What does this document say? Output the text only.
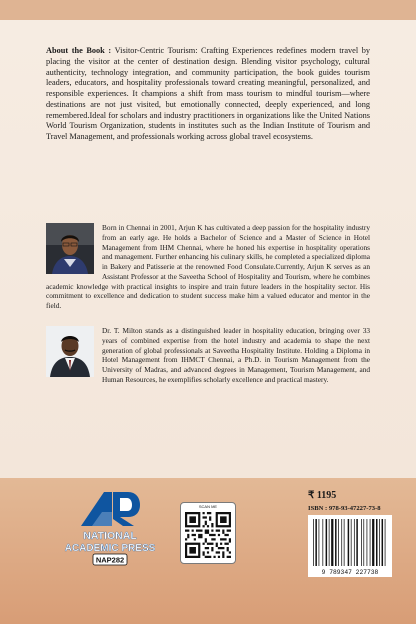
About the Book : Visitor-Centric Tourism: Crafting Experiences redefines modern travel by placing the visitor at the center of destination design. Blending visitor psychology, cultural authenticity, technology integration, and community participation, the book guides tourism leaders, educators, and hospitality professionals toward creating meaningful, personalized, and responsible experiences. It champions a shift from mass tourism to mindful tourism—where destinations are not just visited, but emotionally connected, deeply experienced, and long remembered.Ideal for scholars and industry practitioners in organizations like the United Nations World Tourism Organization, students in institutes such as the Indian Institute of Tourism and Travel Management, and professionals working across global travel ecosystems.
Born in Chennai in 2001, Arjun K has cultivated a deep passion for the hospitality industry from an early age. He holds a Bachelor of Science and a Master of Science in Hotel Management from IHM Chennai, where he honed his expertise in hospitality operations and management. Further enhancing his culinary skills, he completed a specialized diploma in Bakery and Patisserie at the renowned Food Consulate.Currently, Arjun K serves as an Assistant Professor at the Saveetha School of Hospitality and Tourism, where he combines academic knowledge with practical insights to inspire and train future leaders in the hospitality sector. His commitment to excellence and dedication to student success make him a valued educator and mentor in the field.
Dr. T. Milton stands as a distinguished leader in hospitality education, bringing over 33 years of combined expertise from the hotel industry and academia to shape the next generation of global professionals at Saveetha Hospitality Institute. Holding a Diploma in Hotel Management from IHMCT Chennai, a Ph.D. in Tourism Management from the University of Madras, and advanced degrees in Management, Tourism Management, and Human Resources, he exemplifies scholarly excellence and practical mastery.
NATIONAL
ACADEMIC PRESS
NAP282
SCAN ME
₹ 1195
ISBN : 978-93-47227-73-8
9 789347 227738
